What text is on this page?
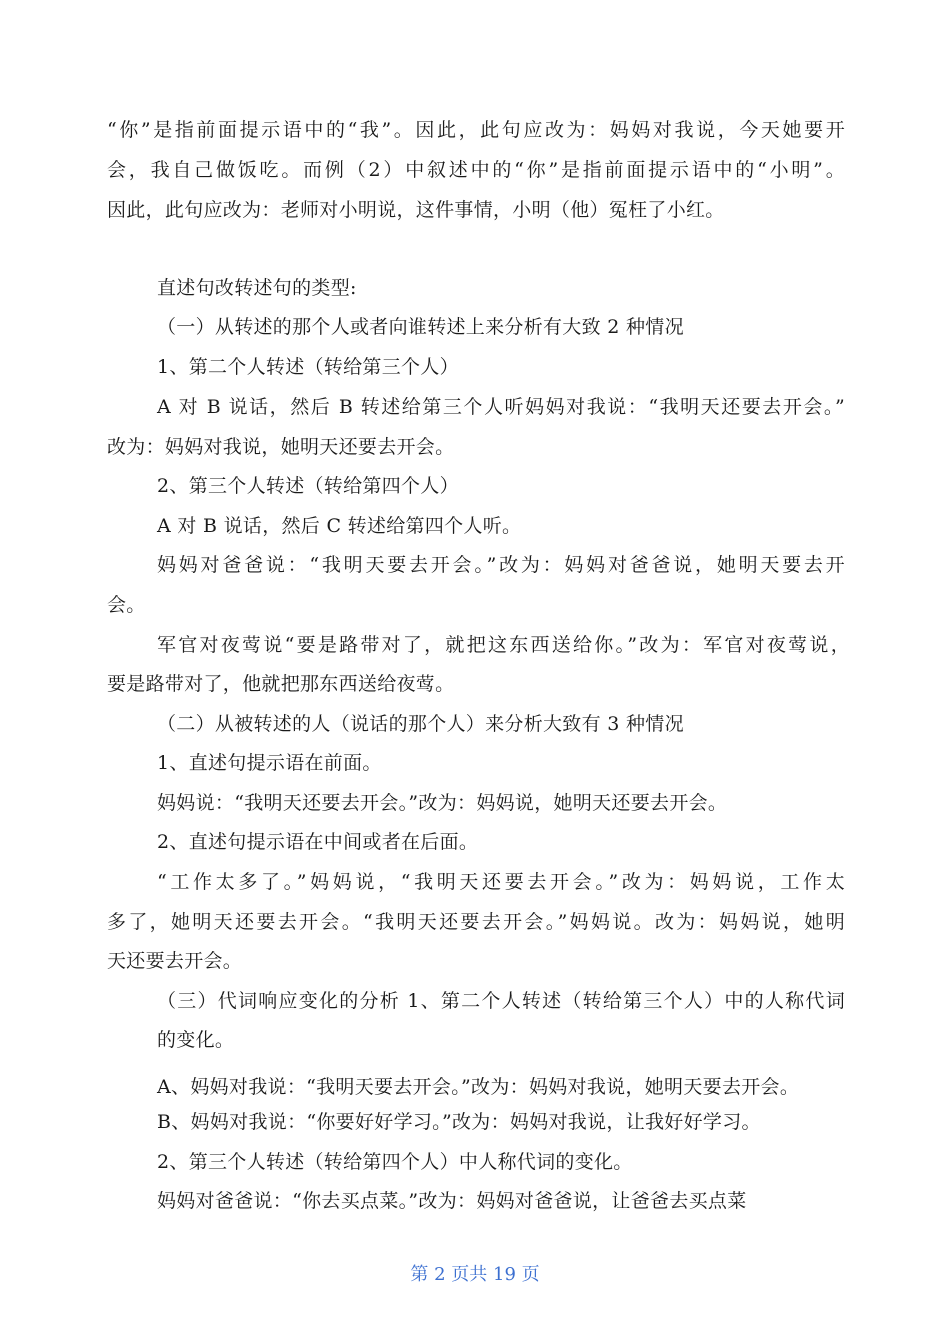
“你”是指前面提示语中的“我”。因此，此句应改为：妈妈对我说，今天她要开

会，我自己做饭吃。而例（2）中叙述中的“你”是指前面提示语中的“小明”。

因此，此句应改为：老师对小明说，这件事情，小明（他）冤枉了小红。

直述句改转述句的类型:

（一）从转述的那个人或者向谁转述上来分析有大致 2 种情况

1、第二个人转述（转给第三个人）

A 对 B 说话，然后 B 转述给第三个人听妈妈对我说：“我明天还要去开会。”

改为：妈妈对我说，她明天还要去开会。

2、第三个人转述（转给第四个人）

A 对 B 说话，然后 C 转述给第四个人听。

妈妈对爸爸说：“我明天要去开会。”改为：妈妈对爸爸说，她明天要去开

会。

军官对夜莺说“要是路带对了，就把这东西送给你。”改为：军官对夜莺说，

要是路带对了，他就把那东西送给夜莺。

（二）从被转述的人（说话的那个人）来分析大致有 3 种情况

1、直述句提示语在前面。

妈妈说：“我明天还要去开会。”改为：妈妈说，她明天还要去开会。

2、直述句提示语在中间或者在后面。

“工作太多了。”妈妈说，“我明天还要去开会。”改为：妈妈说，工作太

多了，她明天还要去开会。“我明天还要去开会。”妈妈说。改为：妈妈说，她明

天还要去开会。

（三）代词响应变化的分析 1、第二个人转述（转给第三个人）中的人称代词

的变化。

A、妈妈对我说：“我明天要去开会。”改为：妈妈对我说，她明天要去开会。

B、妈妈对我说：“你要好好学习。”改为：妈妈对我说，让我好好学习。

2、第三个人转述（转给第四个人）中人称代词的变化。

妈妈对爸爸说：“你去买点菜。”改为：妈妈对爸爸说，让爸爸去买点菜

第 2 页共 19 页
